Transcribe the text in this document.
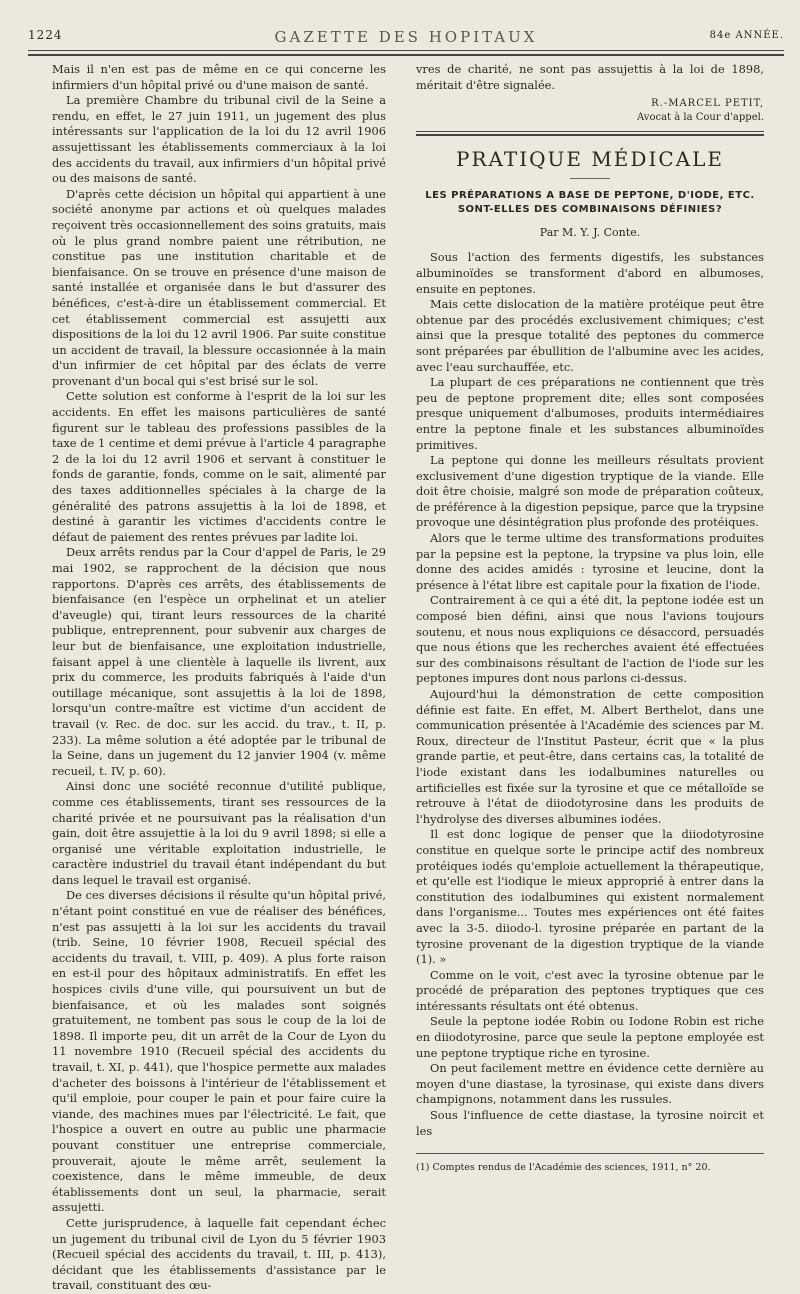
1224	GAZETTE DES HOPITAUX	84e ANNÉE.

Mais il n'en est pas de même en ce qui concerne les infirmiers d'un hôpital privé ou d'une maison de santé.

La première Chambre du tribunal civil de la Seine a rendu, en effet, le 27 juin 1911, un jugement des plus intéressants sur l'application de la loi du 12 avril 1906 assujettissant les établissements commerciaux à la loi des accidents du travail, aux infirmiers d'un hôpital privé ou des maisons de santé.

D'après cette décision un hôpital qui appartient à une société anonyme par actions et où quelques malades reçoivent très occasionnellement des soins gratuits, mais où le plus grand nombre paient une rétribution, ne constitue pas une institution charitable et de bienfaisance. On se trouve en présence d'une maison de santé installée et organisée dans le but d'assurer des bénéfices, c'est-à-dire un établissement commercial. Et cet établissement commercial est assujetti aux dispositions de la loi du 12 avril 1906. Par suite constitue un accident de travail, la blessure occasionnée à la main d'un infirmier de cet hôpital par des éclats de verre provenant d'un bocal qui s'est brisé sur le sol.

Cette solution est conforme à l'esprit de la loi sur les accidents. En effet les maisons particulières de santé figurent sur le tableau des professions passibles de la taxe de 1 centime et demi prévue à l'article 4 paragraphe 2 de la loi du 12 avril 1906 et servant à constituer le fonds de garantie, fonds, comme on le sait, alimenté par des taxes additionnelles spéciales à la charge de la généralité des patrons assujettis à la loi de 1898, et destiné à garantir les victimes d'accidents contre le défaut de paiement des rentes prévues par ladite loi.

Deux arrêts rendus par la Cour d'appel de Paris, le 29 mai 1902, se rapprochent de la décision que nous rapportons. D'après ces arrêts, des établissements de bienfaisance (en l'espèce un orphelinat et un atelier d'aveugle) qui, tirant leurs ressources de la charité publique, entreprennent, pour subvenir aux charges de leur but de bienfaisance, une exploitation industrielle, faisant appel à une clientèle à laquelle ils livrent, aux prix du commerce, les produits fabriqués à l'aide d'un outillage mécanique, sont assujettis à la loi de 1898, lorsqu'un contre-maître est victime d'un accident de travail (v. Rec. de doc. sur les accid. du trav., t. II, p. 233). La même solution a été adoptée par le tribunal de la Seine, dans un jugement du 12 janvier 1904 (v. même recueil, t. IV, p. 60).

Ainsi donc une société reconnue d'utilité publique, comme ces établissements, tirant ses ressources de la charité privée et ne poursuivant pas la réalisation d'un gain, doit être assujettie à la loi du 9 avril 1898; si elle a organisé une véritable exploitation industrielle, le caractère industriel du travail étant indépendant du but dans lequel le travail est organisé.

De ces diverses décisions il résulte qu'un hôpital privé, n'étant point constitué en vue de réaliser des bénéfices, n'est pas assujetti à la loi sur les accidents du travail (trib. Seine, 10 février 1908, Recueil spécial des accidents du travail, t. VIII, p. 409). A plus forte raison en est-il pour des hôpitaux administratifs. En effet les hospices civils d'une ville, qui poursuivent un but de bienfaisance, et où les malades sont soignés gratuitement, ne tombent pas sous le coup de la loi de 1898. Il importe peu, dit un arrêt de la Cour de Lyon du 11 novembre 1910 (Recueil spécial des accidents du travail, t. XI, p. 441), que l'hospice permette aux malades d'acheter des boissons à l'intérieur de l'établissement et qu'il emploie, pour couper le pain et pour faire cuire la viande, des machines mues par l'électricité. Le fait, que l'hospice a ouvert en outre au public une pharmacie pouvant constituer une entreprise commerciale, prouverait, ajoute le même arrêt, seulement la coexistence, dans le même immeuble, de deux établissements dont un seul, la pharmacie, serait assujetti.

Cette jurisprudence, à laquelle fait cependant échec un jugement du tribunal civil de Lyon du 5 février 1903 (Recueil spécial des accidents du travail, t. III, p. 413), décidant que les établissements d'assistance par le travail, constituant des œu-

vres de charité, ne sont pas assujettis à la loi de 1898, méritait d'être signalée.

R.-MARCEL PETIT,
Avocat à la Cour d'appel.
PRATIQUE MÉDICALE
LES PRÉPARATIONS A BASE DE PEPTONE, D'IODE, ETC. SONT-ELLES DES COMBINAISONS DÉFINIES?
Par M. Y. J. Conte.

Sous l'action des ferments digestifs, les substances albuminoïdes se transforment d'abord en albumoses, ensuite en peptones.

Mais cette dislocation de la matière protéique peut être obtenue par des procédés exclusivement chimiques; c'est ainsi que la presque totalité des peptones du commerce sont préparées par ébullition de l'albumine avec les acides, avec l'eau surchauffée, etc.

La plupart de ces préparations ne contiennent que très peu de peptone proprement dite; elles sont composées presque uniquement d'albumoses, produits intermédiaires entre la peptone finale et les substances albuminoïdes primitives.

La peptone qui donne les meilleurs résultats provient exclusivement d'une digestion tryptique de la viande. Elle doit être choisie, malgré son mode de préparation coûteux, de préférence à la digestion pepsique, parce que la trypsine provoque une désintégration plus profonde des protéiques.

Alors que le terme ultime des transformations produites par la pepsine est la peptone, la trypsine va plus loin, elle donne des acides amidés : tyrosine et leucine, dont la présence à l'état libre est capitale pour la fixation de l'iode.

Contrairement à ce qui a été dit, la peptone iodée est un composé bien défini, ainsi que nous l'avions toujours soutenu, et nous nous expliquions ce désaccord, persuadés que nous étions que les recherches avaient été effectuées sur des combinaisons résultant de l'action de l'iode sur les peptones impures dont nous parlons ci-dessus.

Aujourd'hui la démonstration de cette composition définie est faite. En effet, M. Albert Berthelot, dans une communication présentée à l'Académie des sciences par M. Roux, directeur de l'Institut Pasteur, écrit que « la plus grande partie, et peut-être, dans certains cas, la totalité de l'iode existant dans les iodalbumines naturelles ou artificielles est fixée sur la tyrosine et que ce métalloïde se retrouve à l'état de diiodotyrosine dans les produits de l'hydrolyse des diverses albumines iodées.

Il est donc logique de penser que la diiodotyrosine constitue en quelque sorte le principe actif des nombreux protéiques iodés qu'emploie actuellement la thérapeutique, et qu'elle est l'iodique le mieux approprié à entrer dans la constitution des iodalbumines qui existent normalement dans l'organisme... Toutes mes expériences ont été faites avec la 3-5. diiodo-l. tyrosine préparée en partant de la tyrosine provenant de la digestion tryptique de la viande (1). »

Comme on le voit, c'est avec la tyrosine obtenue par le procédé de préparation des peptones tryptiques que ces intéressants résultats ont été obtenus.

Seule la peptone iodée Robin ou Iodone Robin est riche en diiodotyrosine, parce que seule la peptone employée est une peptone tryptique riche en tyrosine.

On peut facilement mettre en évidence cette dernière au moyen d'une diastase, la tyrosinase, qui existe dans divers champignons, notamment dans les russules.

Sous l'influence de cette diastase, la tyrosine noircit et les

(1) Comptes rendus de l'Académie des sciences, 1911, n° 20.
